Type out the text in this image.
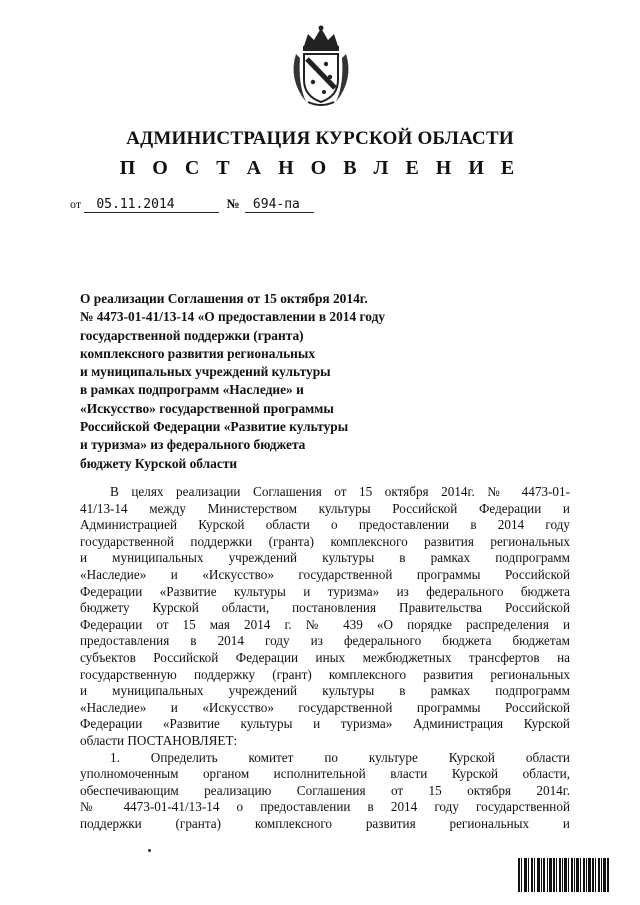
АДМИНИСТРАЦИЯ КУРСКОЙ ОБЛАСТИ
П О С Т А Н О В Л Е Н И Е
от 05.11.2014	№ 694-па
О реализации Соглашения от 15 октября 2014г.
№ 4473-01-41/13-14 «О предоставлении в 2014 году
государственной поддержки (гранта)
комплексного развития региональных
и муниципальных учреждений культуры
в рамках подпрограмм «Наследие» и
«Искусство» государственной программы
Российской Федерации «Развитие культуры
и туризма» из федерального бюджета
бюджету Курской области
В целях реализации Соглашения от 15 октября 2014г. № 4473-01-
41/13-14 между Министерством культуры Российской Федерации и
Администрацией Курской области о предоставлении в 2014 году
государственной поддержки (гранта) комплексного развития региональных
и муниципальных учреждений культуры в рамках подпрограмм
«Наследие» и «Искусство» государственной программы Российской
Федерации «Развитие культуры и туризма» из федерального бюджета
бюджету Курской области, постановления Правительства Российской
Федерации от 15 мая 2014 г. № 439 «О порядке распределения и
предоставления в 2014 году из федерального бюджета бюджетам
субъектов Российской Федерации иных межбюджетных трансфертов на
государственную поддержку (грант) комплексного развития региональных
и муниципальных учреждений культуры в рамках подпрограмм
«Наследие» и «Искусство» государственной программы Российской
Федерации «Развитие культуры и туризма» Администрация Курской
области ПОСТАНОВЛЯЕТ:
1. Определить комитет по культуре Курской области
уполномоченным органом исполнительной власти Курской области,
обеспечивающим реализацию Соглашения от 15 октября 2014г.
№ 4473-01-41/13-14 о предоставлении в 2014 году государственной
поддержки (гранта) комплексного развития региональных и
